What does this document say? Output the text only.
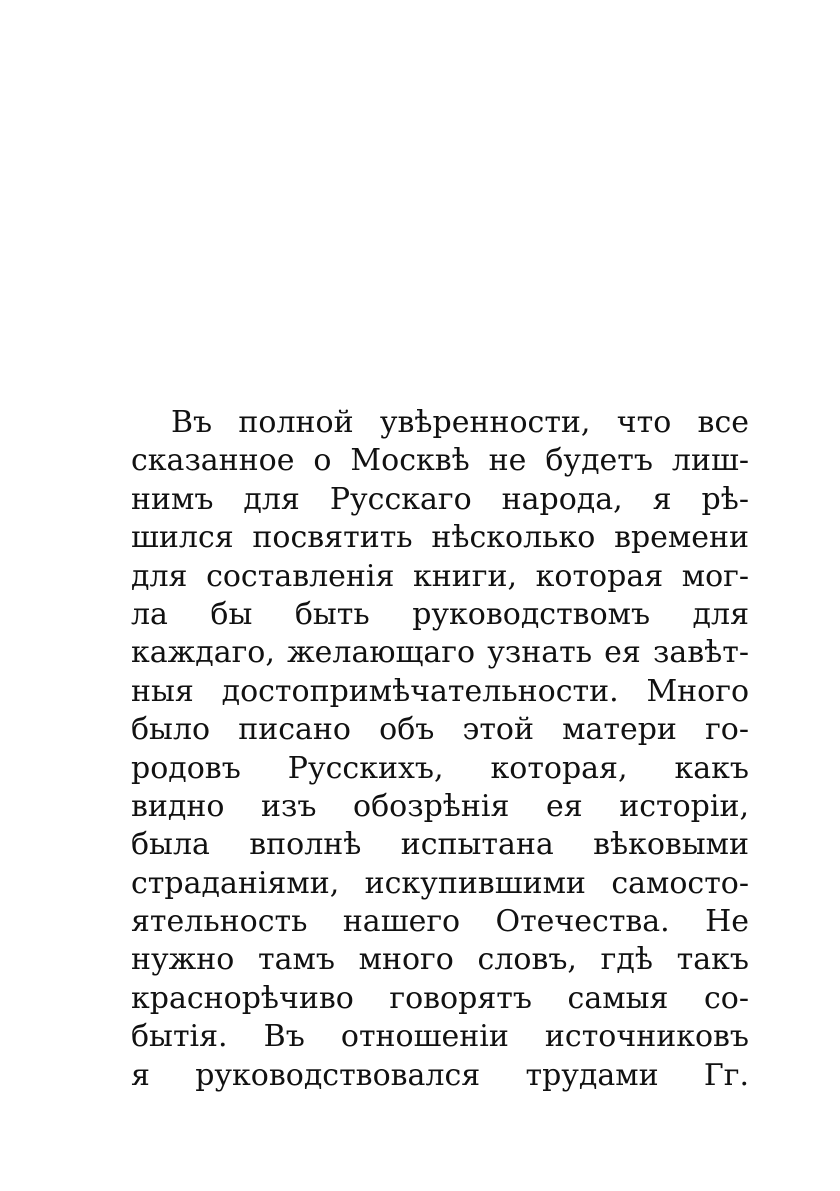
Въ полной увѣренности, что все
сказанное о Москвѣ не будетъ лиш-
нимъ для Русскаго народа, я рѣ-
шился посвятить нѣсколько времени
для составленія книги, которая мог-
ла бы быть руководствомъ для
каждаго, желающаго узнать ея завѣт-
ныя достопримѣчательности. Много
было писано объ этой матери го-
родовъ Русскихъ, которая, какъ
видно изъ обозрѣнія ея исторіи,
была вполнѣ испытана вѣковыми
страданіями, искупившими самосто-
ятельность нашего Отечества. Не
нужно тамъ много словъ, гдѣ такъ
краснорѣчиво говорятъ самыя со-
бытія. Въ отношеніи источниковъ
я руководствовался трудами Гг.
